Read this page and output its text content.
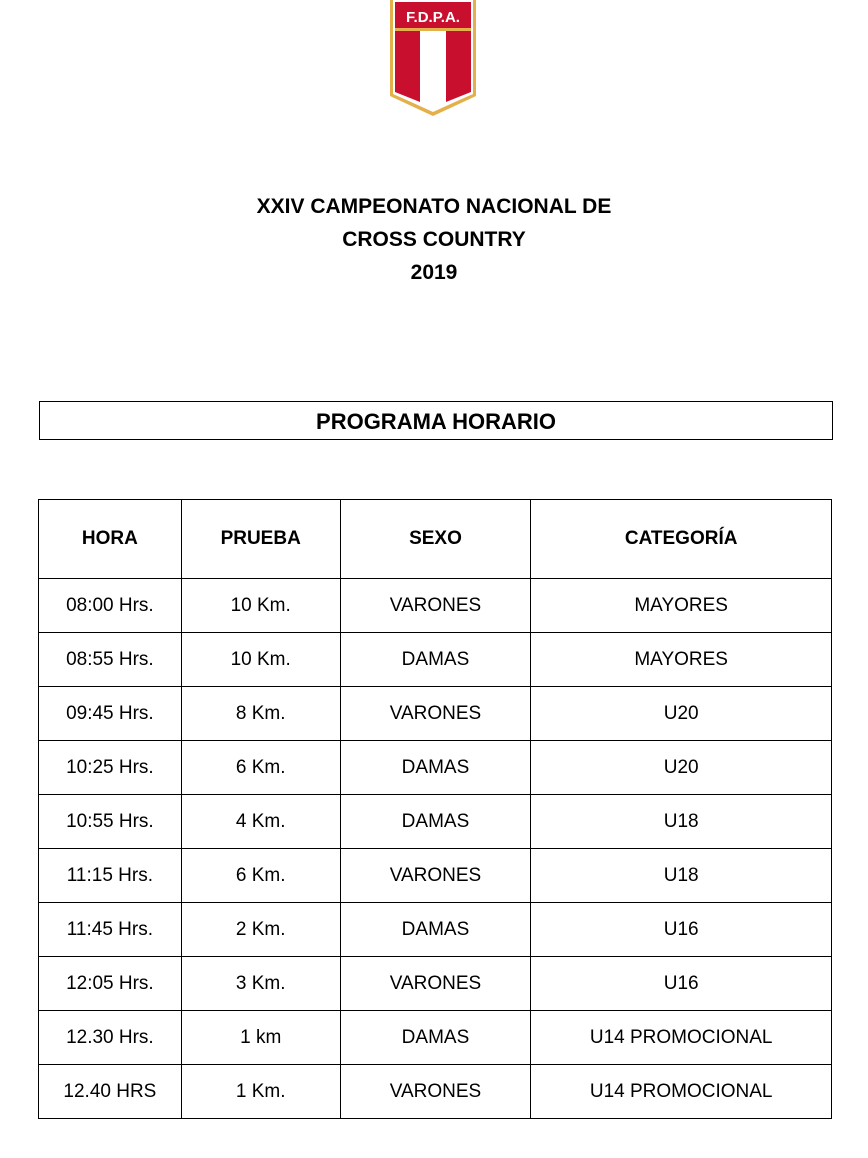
F.D.P.A.
XXIV CAMPEONATO NACIONAL DE
CROSS COUNTRY
2019
PROGRAMA HORARIO
HORA	PRUEBA	SEXO	CATEGORÍA
08:00 Hrs.	10 Km.	VARONES	MAYORES
08:55 Hrs.	10 Km.	DAMAS	MAYORES
09:45 Hrs.	8 Km.	VARONES	U20
10:25 Hrs.	6 Km.	DAMAS	U20
10:55 Hrs.	4 Km.	DAMAS	U18
11:15 Hrs.	6 Km.	VARONES	U18
11:45 Hrs.	2 Km.	DAMAS	U16
12:05 Hrs.	3 Km.	VARONES	U16
12.30 Hrs.	1 km	DAMAS	U14 PROMOCIONAL
12.40 HRS	1 Km.	VARONES	U14 PROMOCIONAL
